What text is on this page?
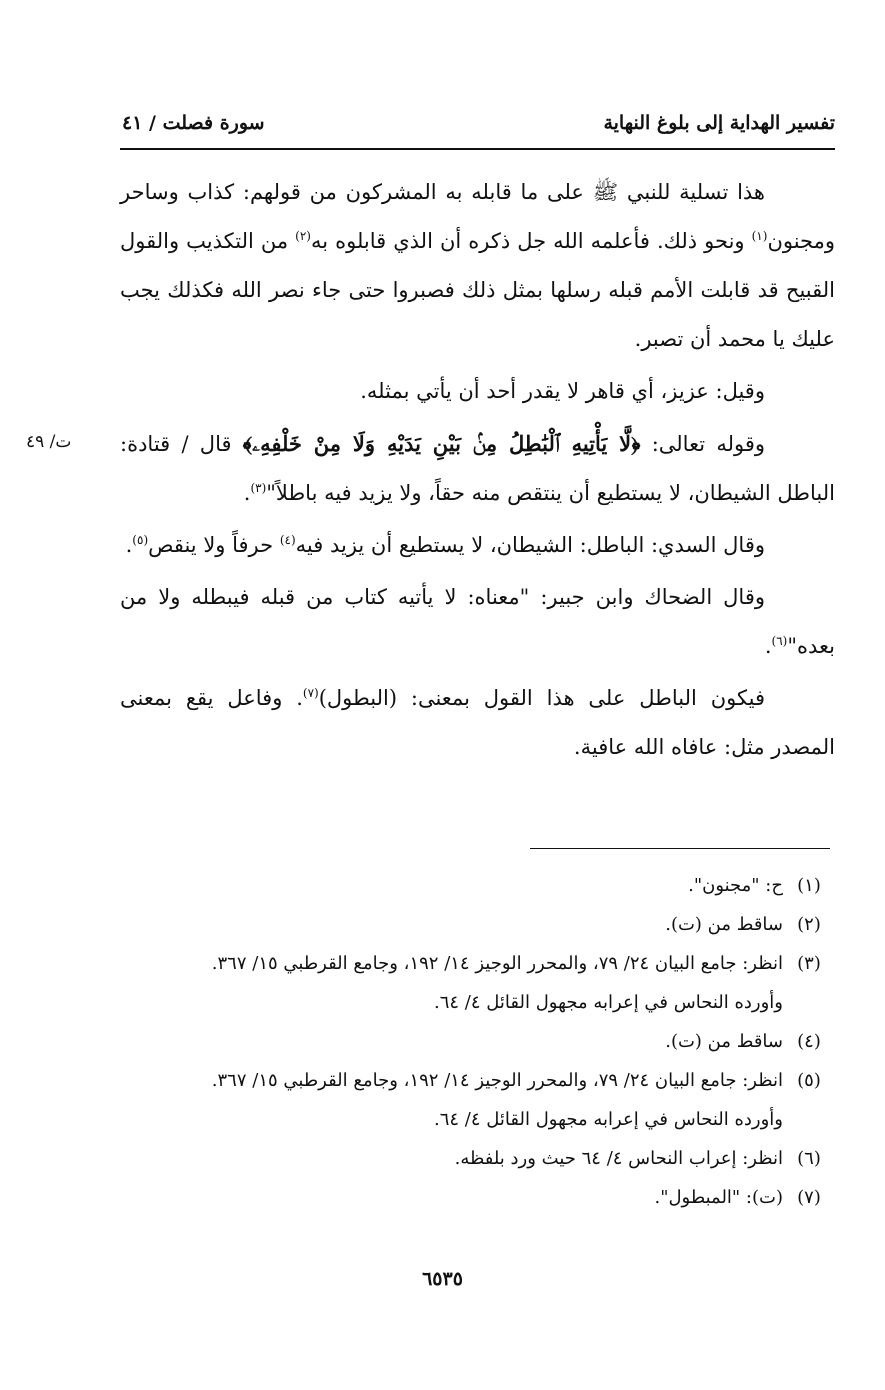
تفسير الهداية إلى بلوغ النهاية
سورة فصلت / ٤١
ت/ ٤٩

هذا تسلية للنبي ﷺ على ما قابله به المشركون من قولهم: كذاب وساحر ومجنون$^{(١)}$ ونحو ذلك. فأعلمه الله جل ذكره أن الذي قابلوه به$^{(٢)}$ من التكذيب والقول القبيح قد قابلت الأمم قبله رسلها بمثل ذلك فصبروا حتى جاء نصر الله فكذلك يجب عليك يا محمد أن تصبر.

وقيل: عزيز، أي قاهر لا يقدر أحد أن يأتي بمثله.

وقوله تعالى: ﴿لَّا يَأْتِيهِ ٱلْبَٰطِلُ مِنۢ بَيْنِ يَدَيْهِ وَلَا مِنْ خَلْفِهِۦ﴾ قال / قتادة: الباطل الشيطان، لا يستطيع أن ينتقص منه حقاً، ولا يزيد فيه باطلاً"$^{(٣)}$.

وقال السدي: الباطل: الشيطان، لا يستطيع أن يزيد فيه$^{(٤)}$ حرفاً ولا ينقص$^{(٥)}$.

وقال الضحاك وابن جبير: "معناه: لا يأتيه كتاب من قبله فيبطله ولا من بعده"$^{(٦)}$.

فيكون الباطل على هذا القول بمعنى: (البطول)$^{(٧)}$. وفاعل يقع بمعنى المصدر مثل: عافاه الله عافية.

(١)
ح: "مجنون".
(٢)
ساقط من (ت).
(٣)
انظر: جامع البيان ٢٤/ ٧٩، والمحرر الوجيز ١٤/ ١٩٢، وجامع القرطبي ١٥/ ٣٦٧.
وأورده النحاس في إعرابه مجهول القائل ٤/ ٦٤.
(٤)
ساقط من (ت).
(٥)
انظر: جامع البيان ٢٤/ ٧٩، والمحرر الوجيز ١٤/ ١٩٢، وجامع القرطبي ١٥/ ٣٦٧.
وأورده النحاس في إعرابه مجهول القائل ٤/ ٦٤.
(٦)
انظر: إعراب النحاس ٤/ ٦٤ حيث ورد بلفظه.
(٧)
(ت): "المبطول".
٦٥٣٥
